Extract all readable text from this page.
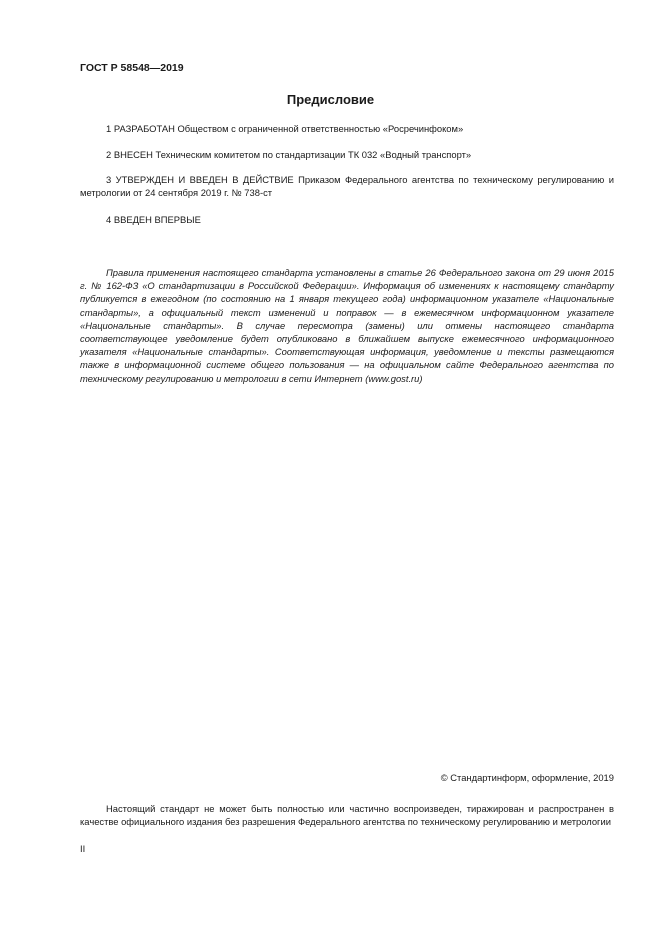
ГОСТ Р 58548—2019
Предисловие
1 РАЗРАБОТАН Обществом с ограниченной ответственностью «Росречинфоком»
2 ВНЕСЕН Техническим комитетом по стандартизации ТК 032 «Водный транспорт»
3 УТВЕРЖДЕН И ВВЕДЕН В ДЕЙСТВИЕ Приказом Федерального агентства по техническому регулированию и метрологии от 24 сентября 2019 г. № 738-ст
4 ВВЕДЕН ВПЕРВЫЕ
Правила применения настоящего стандарта установлены в статье 26 Федерального закона от 29 июня 2015 г. № 162-ФЗ «О стандартизации в Российской Федерации». Информация об изменениях к настоящему стандарту публикуется в ежегодном (по состоянию на 1 января текущего года) информационном указателе «Национальные стандарты», а официальный текст изменений и поправок — в ежемесячном информационном указателе «Национальные стандарты». В случае пересмотра (замены) или отмены настоящего стандарта соответствующее уведомление будет опубликовано в ближайшем выпуске ежемесячного информационного указателя «Национальные стандарты». Соответствующая информация, уведомление и тексты размещаются также в информационной системе общего пользования — на официальном сайте Федерального агентства по техническому регулированию и метрологии в сети Интернет (www.gost.ru)
© Стандартинформ, оформление, 2019
Настоящий стандарт не может быть полностью или частично воспроизведен, тиражирован и распространен в качестве официального издания без разрешения Федерального агентства по техническому регулированию и метрологии
II
